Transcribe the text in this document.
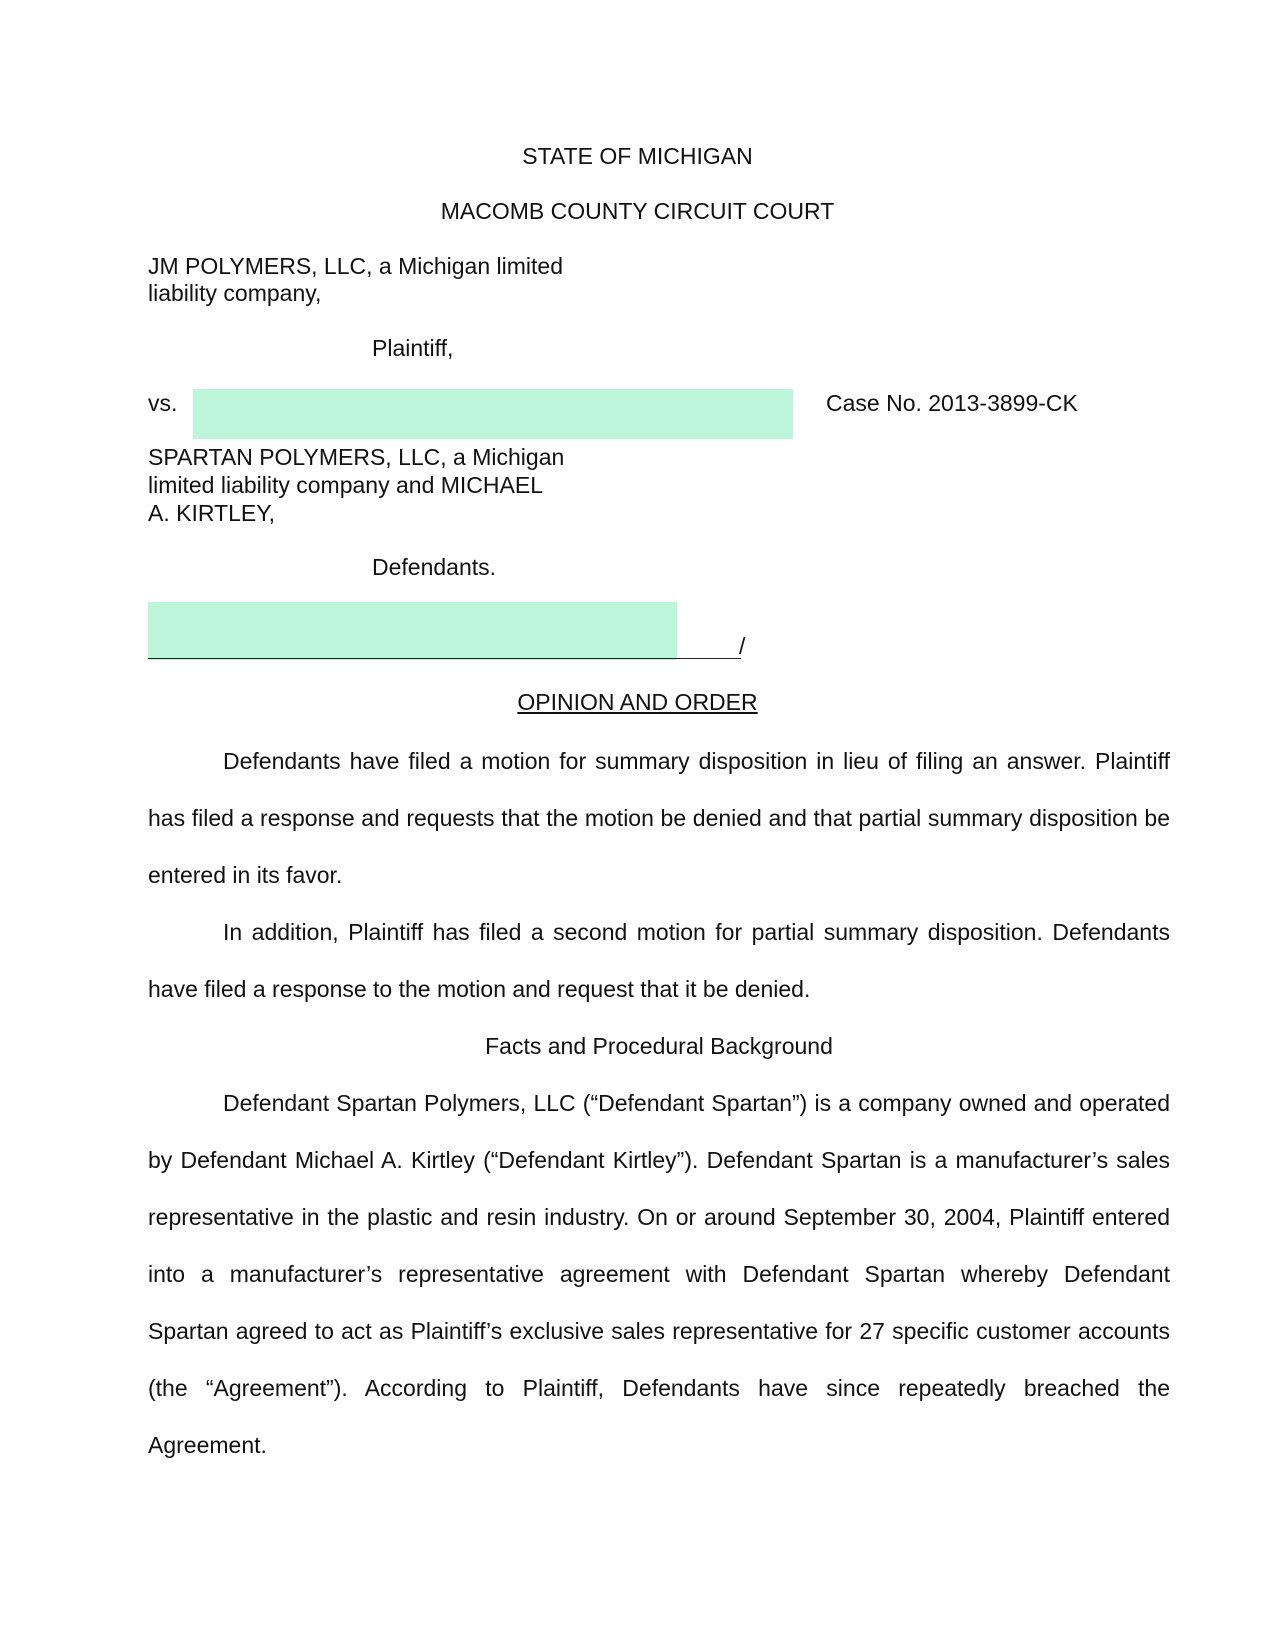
STATE OF MICHIGAN
MACOMB COUNTY CIRCUIT COURT
JM POLYMERS, LLC, a Michigan limited
liability company,
Plaintiff,
vs.	Case No. 2013-3899-CK
SPARTAN POLYMERS, LLC, a Michigan
limited liability company and MICHAEL
A. KIRTLEY,
Defendants.
/
OPINION AND ORDER

Defendants have filed a motion for summary disposition in lieu of filing an answer. Plaintiff has filed a response and requests that the motion be denied and that partial summary disposition be entered in its favor.

In addition, Plaintiff has filed a second motion for partial summary disposition. Defendants have filed a response to the motion and request that it be denied.

Facts and Procedural Background

Defendant Spartan Polymers, LLC (“Defendant Spartan”) is a company owned and operated by Defendant Michael A. Kirtley (“Defendant Kirtley”). Defendant Spartan is a manufacturer’s sales representative in the plastic and resin industry. On or around September 30, 2004, Plaintiff entered into a manufacturer’s representative agreement with Defendant Spartan whereby Defendant Spartan agreed to act as Plaintiff’s exclusive sales representative for 27 specific customer accounts (the “Agreement”). According to Plaintiff, Defendants have since repeatedly breached the Agreement.
